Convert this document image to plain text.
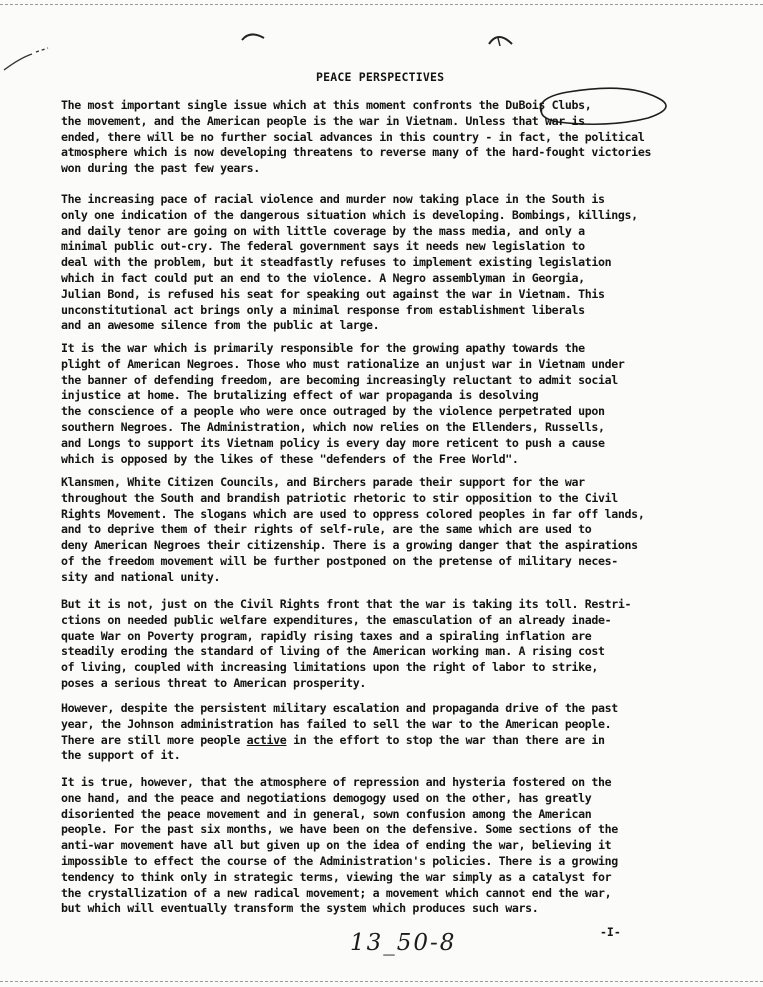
PEACE PERSPECTIVES
The most important single issue which at this moment confronts the DuBois Clubs,
the movement, and the American people is the war in Vietnam. Unless that war is
ended, there will be no further social advances in this country - in fact, the political
atmosphere which is now developing threatens to reverse many of the hard-fought victories
won during the past few years.
The increasing pace of racial violence and murder now taking place in the South is
only one indication of the dangerous situation which is developing. Bombings, killings,
and daily tenor are going on with little coverage by the mass media, and only a
minimal public out-cry. The federal government says it needs new legislation to
deal with the problem, but it steadfastly refuses to implement existing legislation
which in fact could put an end to the violence. A Negro assemblyman in Georgia,
Julian Bond, is refused his seat for speaking out against the war in Vietnam. This
unconstitutional act brings only a minimal response from establishment liberals
and an awesome silence from the public at large.
It is the war which is primarily responsible for the growing apathy towards the
plight of American Negroes. Those who must rationalize an unjust war in Vietnam under
the banner of defending freedom, are becoming increasingly reluctant to admit social
injustice at home. The brutalizing effect of war propaganda is desolving
the conscience of a people who were once outraged by the violence perpetrated upon
southern Negroes. The Administration, which now relies on the Ellenders, Russells,
and Longs to support its Vietnam policy is every day more reticent to push a cause
which is opposed by the likes of these "defenders of the Free World".
Klansmen, White Citizen Councils, and Birchers parade their support for the war
throughout the South and brandish patriotic rhetoric to stir opposition to the Civil
Rights Movement. The slogans which are used to oppress colored peoples in far off lands,
and to deprive them of their rights of self-rule, are the same which are used to
deny American Negroes their citizenship. There is a growing danger that the aspirations
of the freedom movement will be further postponed on the pretense of military neces-
sity and national unity.
But it is not, just on the Civil Rights front that the war is taking its toll. Restri-
ctions on needed public welfare expenditures, the emasculation of an already inade-
quate War on Poverty program, rapidly rising taxes and a spiraling inflation are
steadily eroding the standard of living of the American working man. A rising cost
of living, coupled with increasing limitations upon the right of labor to strike,
poses a serious threat to American prosperity.
However, despite the persistent military escalation and propaganda drive of the past
year, the Johnson administration has failed to sell the war to the American people.
There are still more people active in the effort to stop the war than there are in
the support of it.
It is true, however, that the atmosphere of repression and hysteria fostered on the
one hand, and the peace and negotiations demogogy used on the other, has greatly
disoriented the peace movement and in general, sown confusion among the American
people. For the past six months, we have been on the defensive. Some sections of the
anti-war movement have all but given up on the idea of ending the war, believing it
impossible to effect the course of the Administration's policies. There is a growing
tendency to think only in strategic terms, viewing the war simply as a catalyst for
the crystallization of a new radical movement; a movement which cannot end the war,
but which will eventually transform the system which produces such wars.
-I-
13_50-8
